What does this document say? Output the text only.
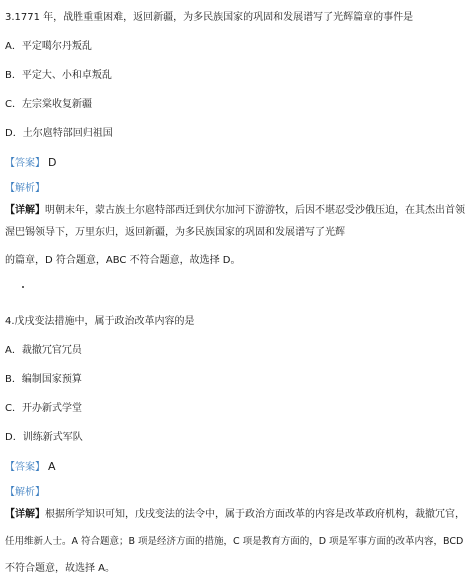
3.1771 年，战胜重重困难，返回新疆，为多民族国家的巩固和发展谱写了光辉篇章的事件是
A．平定噶尔丹叛乱
B．平定大、小和卓叛乱
C．左宗棠收复新疆
D．土尔扈特部回归祖国
【答案】 D
【解析】
【详解】明朝末年，蒙古族土尔扈特部西迁到伏尔加河下游游牧，后因不堪忍受沙俄压迫，在其杰出首领
渥巴锡领导下，万里东归，返回新疆，为多民族国家的巩固和发展谱写了光辉
的篇章，D 符合题意，ABC 不符合题意，故选择 D。
4.戊戌变法措施中，属于政治改革内容的是
A．裁撤冗官冗员
B．编制国家预算
C．开办新式学堂
D．训练新式军队
【答案】 A
【解析】
【详解】根据所学知识可知，戊戌变法的法令中，属于政治方面改革的内容是改革政府机构，裁撤冗官，
任用维新人士。A 符合题意；B 项是经济方面的措施，C 项是教育方面的，D 项是军事方面的改革内容，BCD
不符合题意，故选择 A。
